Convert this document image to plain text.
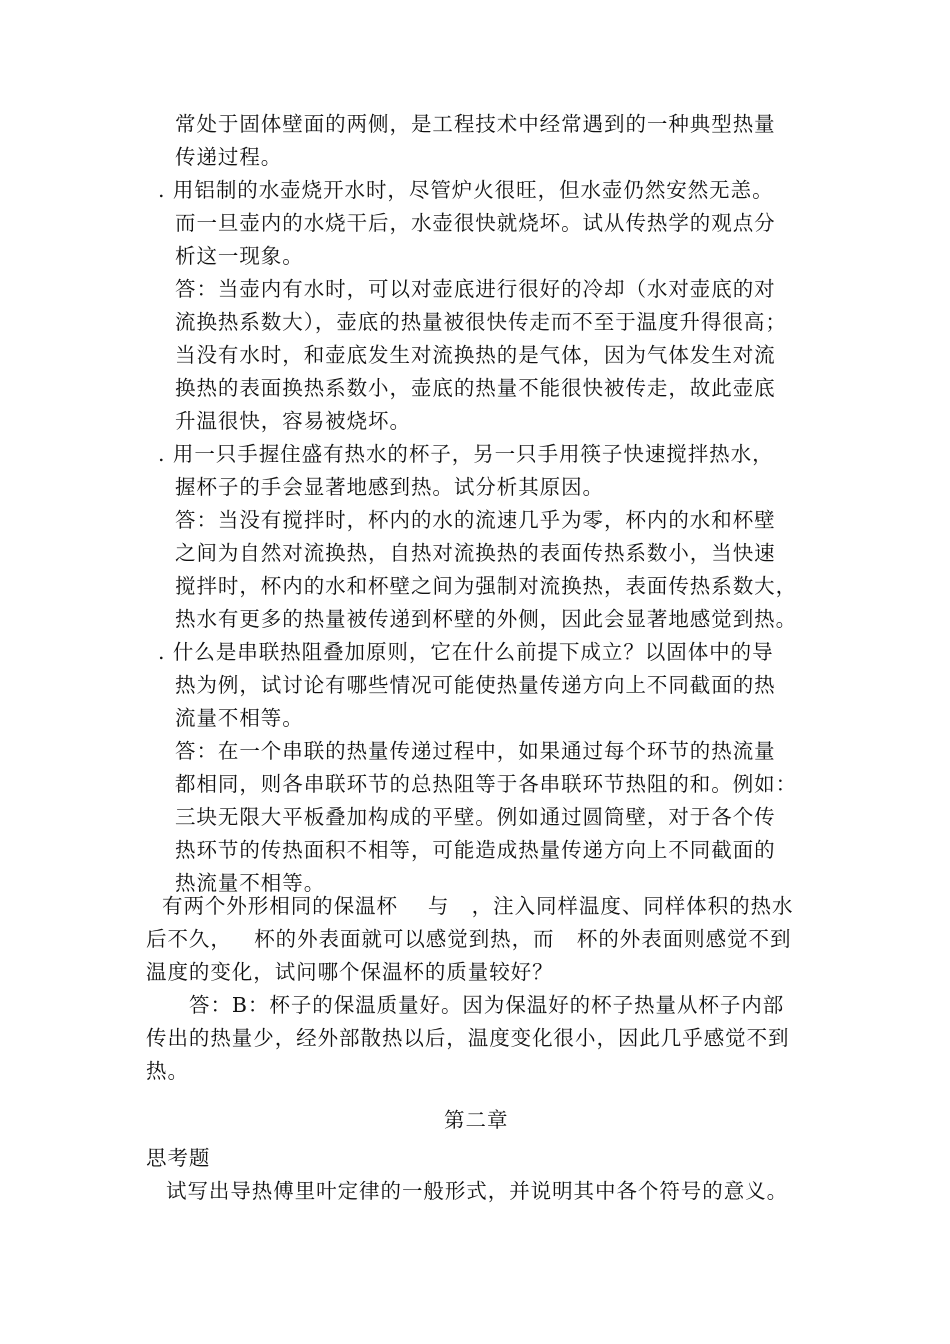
常处于固体壁面的两侧，是工程技术中经常遇到的一种典型热量
传递过程。
. 用铝制的水壶烧开水时，尽管炉火很旺，但水壶仍然安然无恙。
而一旦壶内的水烧干后，水壶很快就烧坏。试从传热学的观点分
析这一现象。
答：当壶内有水时，可以对壶底进行很好的冷却（水对壶底的对
流换热系数大），壶底的热量被很快传走而不至于温度升得很高；
当没有水时，和壶底发生对流换热的是气体，因为气体发生对流
换热的表面换热系数小，壶底的热量不能很快被传走，故此壶底
升温很快，容易被烧坏。
. 用一只手握住盛有热水的杯子，另一只手用筷子快速搅拌热水，
握杯子的手会显著地感到热。试分析其原因。
答：当没有搅拌时，杯内的水的流速几乎为零，杯内的水和杯壁
之间为自然对流换热，自热对流换热的表面传热系数小，当快速
搅拌时，杯内的水和杯壁之间为强制对流换热，表面传热系数大，
热水有更多的热量被传递到杯壁的外侧，因此会显著地感觉到热。
. 什么是串联热阻叠加原则，它在什么前提下成立？以固体中的导
热为例，试讨论有哪些情况可能使热量传递方向上不同截面的热
流量不相等。
答：在一个串联的热量传递过程中，如果通过每个环节的热流量
都相同，则各串联环节的总热阻等于各串联环节热阻的和。例如：
三块无限大平板叠加构成的平壁。例如通过圆筒壁，对于各个传
热环节的传热面积不相等，可能造成热量传递方向上不同截面的
热流量不相等。
有两个外形相同的保温杯    与   ，注入同样温度、同样体积的热水
后不久，   杯的外表面就可以感觉到热，而   杯的外表面则感觉不到
温度的变化，试问哪个保温杯的质量较好？
答：B：杯子的保温质量好。因为保温好的杯子热量从杯子内部
传出的热量少，经外部散热以后，温度变化很小，因此几乎感觉不到
热。
第二章
思考题
试写出导热傅里叶定律的一般形式，并说明其中各个符号的意义。
